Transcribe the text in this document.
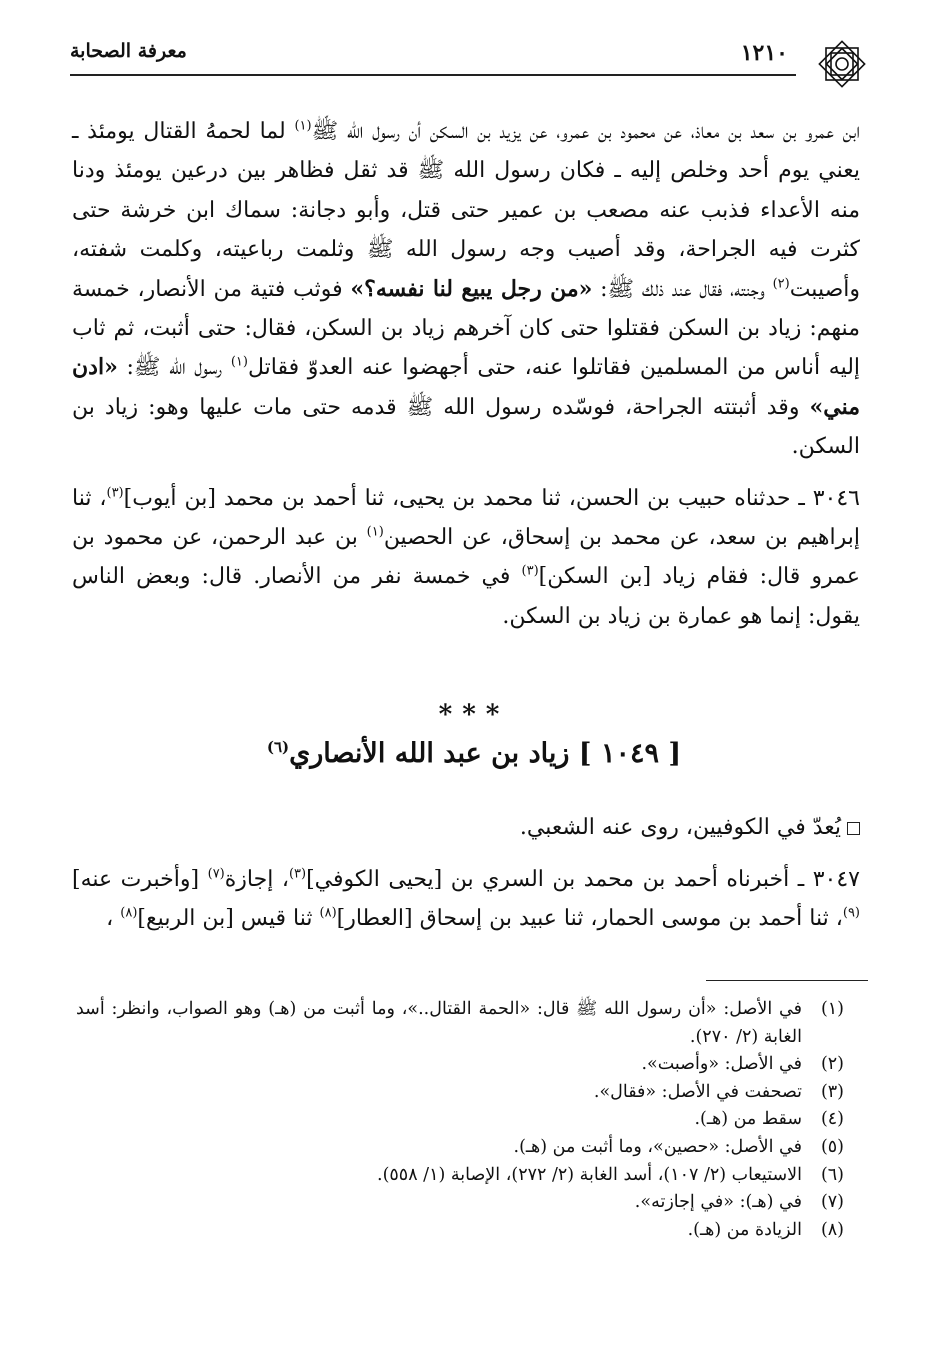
معرفة الصحابة	١٢١٠

ابن عمرو بن سعد بن معاذ، عن محمود بن عمرو، عن يزيد بن السكن أن رسول الله ﷺ$^{(١)}$ لما لحمهُ القتال يومئذ ـ يعني يوم أحد وخلص إليه ـ فكان رسول الله ﷺ قد ثقل فظاهر بين درعين يومئذ ودنا منه الأعداء فذبب عنه مصعب بن عمير حتى قتل، وأبو دجانة: سماك ابن خرشة حتى كثرت فيه الجراحة، وقد أصيب وجه رسول الله ﷺ وثلمت رباعيته، وكلمت شفته، وأصيبت$^{(٢)}$ وجنته، فقال عند ذلك ﷺ: «من رجل يبيع لنا نفسه؟» فوثب فتية من الأنصار، خمسة منهم: زياد بن السكن فقتلوا حتى كان آخرهم زياد بن السكن، فقال: حتى أثبت، ثم ثاب إليه أناس من المسلمين فقاتلوا عنه، حتى أجهضوا عنه العدوّ فقاتل$^{(١)}$ رسول الله ﷺ: «ادن مني» وقد أثبتته الجراحة، فوسّده رسول الله ﷺ قدمه حتى مات عليها وهو: زياد بن السكن.

٣٠٤٦ ـ حدثناه حبيب بن الحسن، ثنا محمد بن يحيى، ثنا أحمد بن محمد [بن أيوب]$^{(٣)}$، ثنا إبراهيم بن سعد، عن محمد بن إسحاق، عن الحصين$^{(١)}$ بن عبد الرحمن، عن محمود بن عمرو قال: فقام زياد [بن السكن]$^{(٣)}$ في خمسة نفر من الأنصار. قال: وبعض الناس يقول: إنما هو عمارة بن زياد بن السكن.

***
[ ١٠٤٩ ] زياد بن عبد الله الأنصاري$^{(٦)}$
يُعدّ في الكوفيين، روى عنه الشعبي.

٣٠٤٧ ـ أخبرناه أحمد بن محمد بن السري بن [يحيى الكوفي]$^{(٣)}$، إجازة$^{(٧)}$ [وأخبرت عنه]$^{(٩)}$، ثنا أحمد بن موسى الحمار، ثنا عبيد بن إسحاق [العطار]$^{(٨)}$ ثنا قيس [بن الربيع]$^{(٨)}$ ،

(١)
في الأصل: «أن رسول الله ﷺ قال: «الحمة القتال..»، وما أثبت من (هـ) وهو الصواب، وانظر: أسد الغابة (٢/ ٢٧٠).

(٢)
في الأصل: «وأصبت».

(٣)
تصحفت في الأصل: «فقال».

(٤)
سقط من (هـ).

(٥)
في الأصل: «حصين»، وما أثبت من (هـ).

(٦)
الاستيعاب (٢/ ١٠٧)، أسد الغابة (٢/ ٢٧٢)، الإصابة (١/ ٥٥٨).

(٧)
في (هـ): «في إجازته».

(٨)
الزيادة من (هـ).
